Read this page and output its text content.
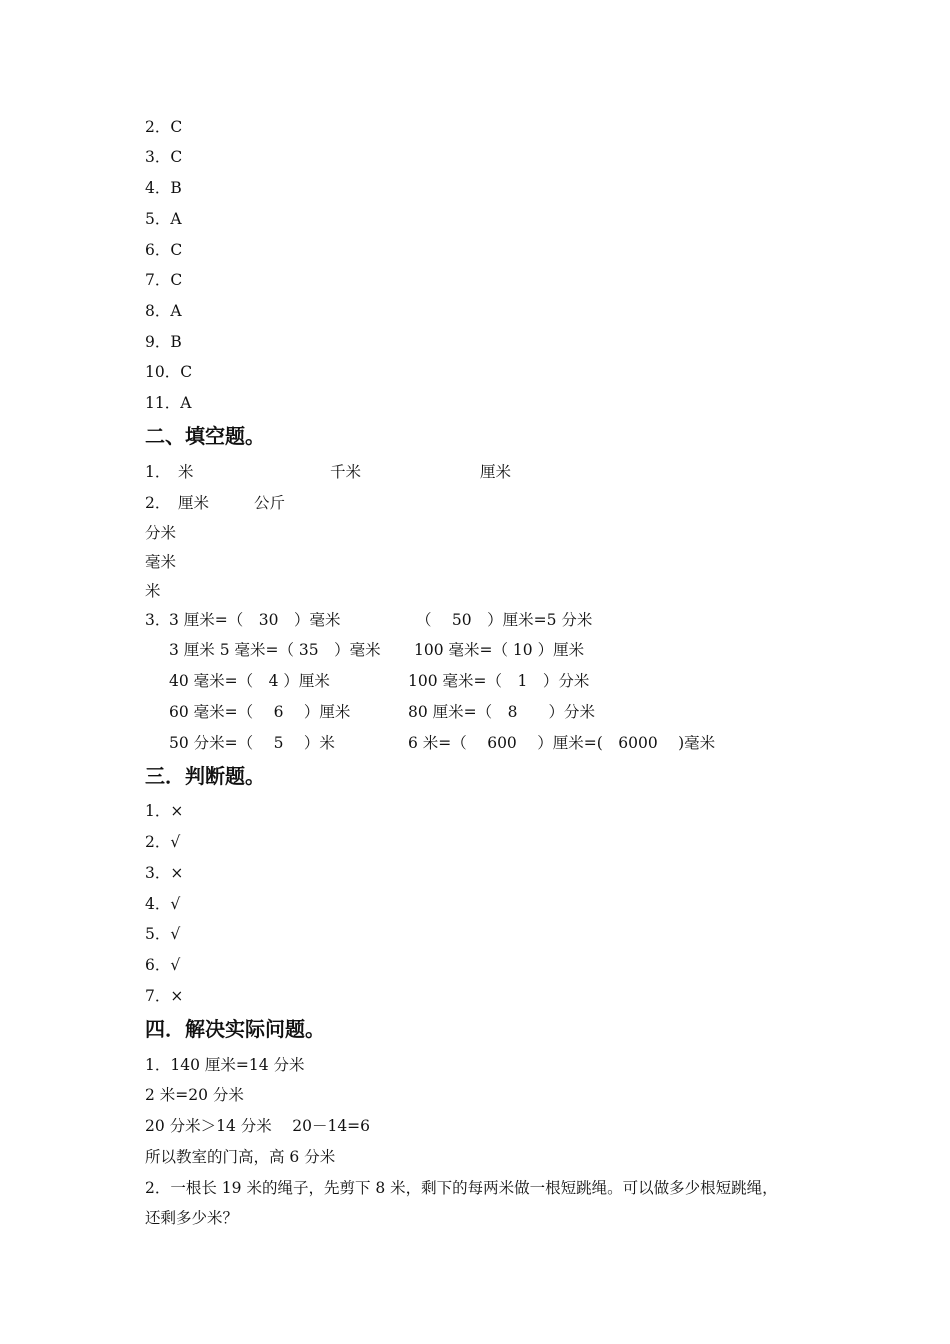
2．C
3．C
4．B
5．A
6．C
7．C
8．A
9．B
10．C
11．A
二、填空题。
1． 米	千米	厘米
2． 厘米	公斤
分米
毫米
米
3．
3 厘米=（　30　）毫米	（　 50　）厘米=5 分米
3 厘米 5 毫米=（ 35　）毫米 100 毫米=（ 10 ）厘米
40 毫米=（　4 ）厘米	100 毫米=（　1　）分米
60 毫米=（　 6　 ）厘米	80 厘米=（　8　　）分米
50 分米=（　 5　 ）米	6 米=（　 600　 ）厘米=(　6000　 )毫米
三．判断题。
1．×
2．√
3．×
4．√
5．√
6．√
7．×
四．解决实际问题。
1．140 厘米=14 分米
2 米=20 分米
20 分米＞14 分米　 20－14=6
所以教室的门高，高 6 分米
2．一根长 19 米的绳子，先剪下 8 米，剩下的每两米做一根短跳绳。可以做多少根短跳绳，
还剩多少米？
